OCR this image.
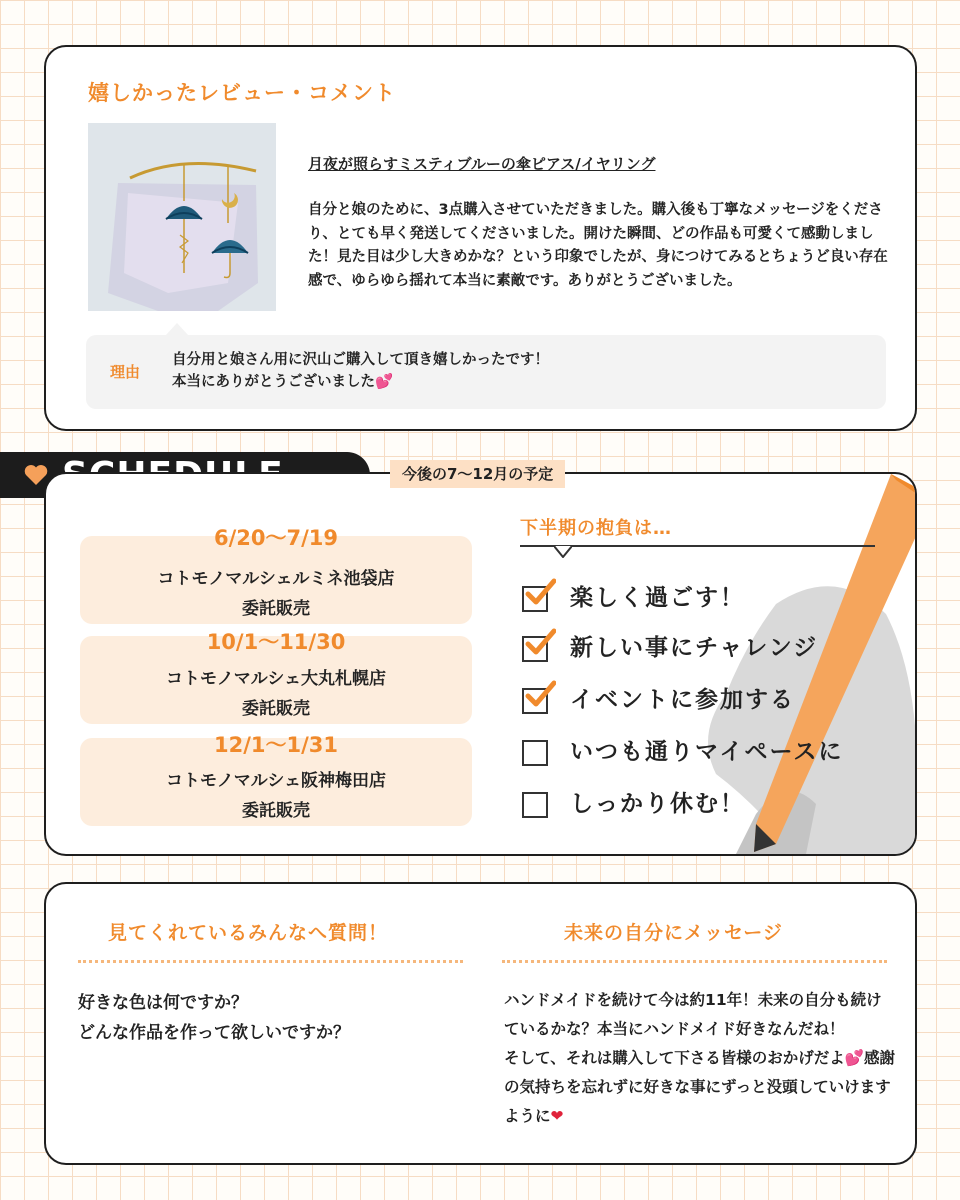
嬉しかったレビュー・コメント
月夜が照らすミスティブルーの傘ピアス/イヤリング
自分と娘のために、3点購入させていただきました。購入後も丁寧なメッセージをくださり、とても早く発送してくださいました。開けた瞬間、どの作品も可愛くて感動しました！見た目は少し大きめかな？という印象でしたが、身につけてみるとちょうど良い存在感で、ゆらゆら揺れて本当に素敵です。ありがとうございました。
理由
自分用と娘さん用に沢山ご購入して頂き嬉しかったです！
本当にありがとうございました💕
今後の7〜12月の予定
6/20〜7/19
コトモノマルシェルミネ池袋店
委託販売
10/1〜11/30
コトモノマルシェ大丸札幌店
委託販売
12/1〜1/31
コトモノマルシェ阪神梅田店
委託販売
下半期の抱負は…
楽しく過ごす！
新しい事にチャレンジ
イベントに参加する
いつも通りマイペースに
しっかり休む！
見てくれているみんなへ質問！
好きな色は何ですか？
どんな作品を作って欲しいですか？
未来の自分にメッセージ
ハンドメイドを続けて今は約11年！未来の自分も続けているかな？本当にハンドメイド好きなんだね！
そして、それは購入して下さる皆様のおかげだよ💕感謝の気持ちを忘れずに好きな事にずっと没頭していけますように❤
